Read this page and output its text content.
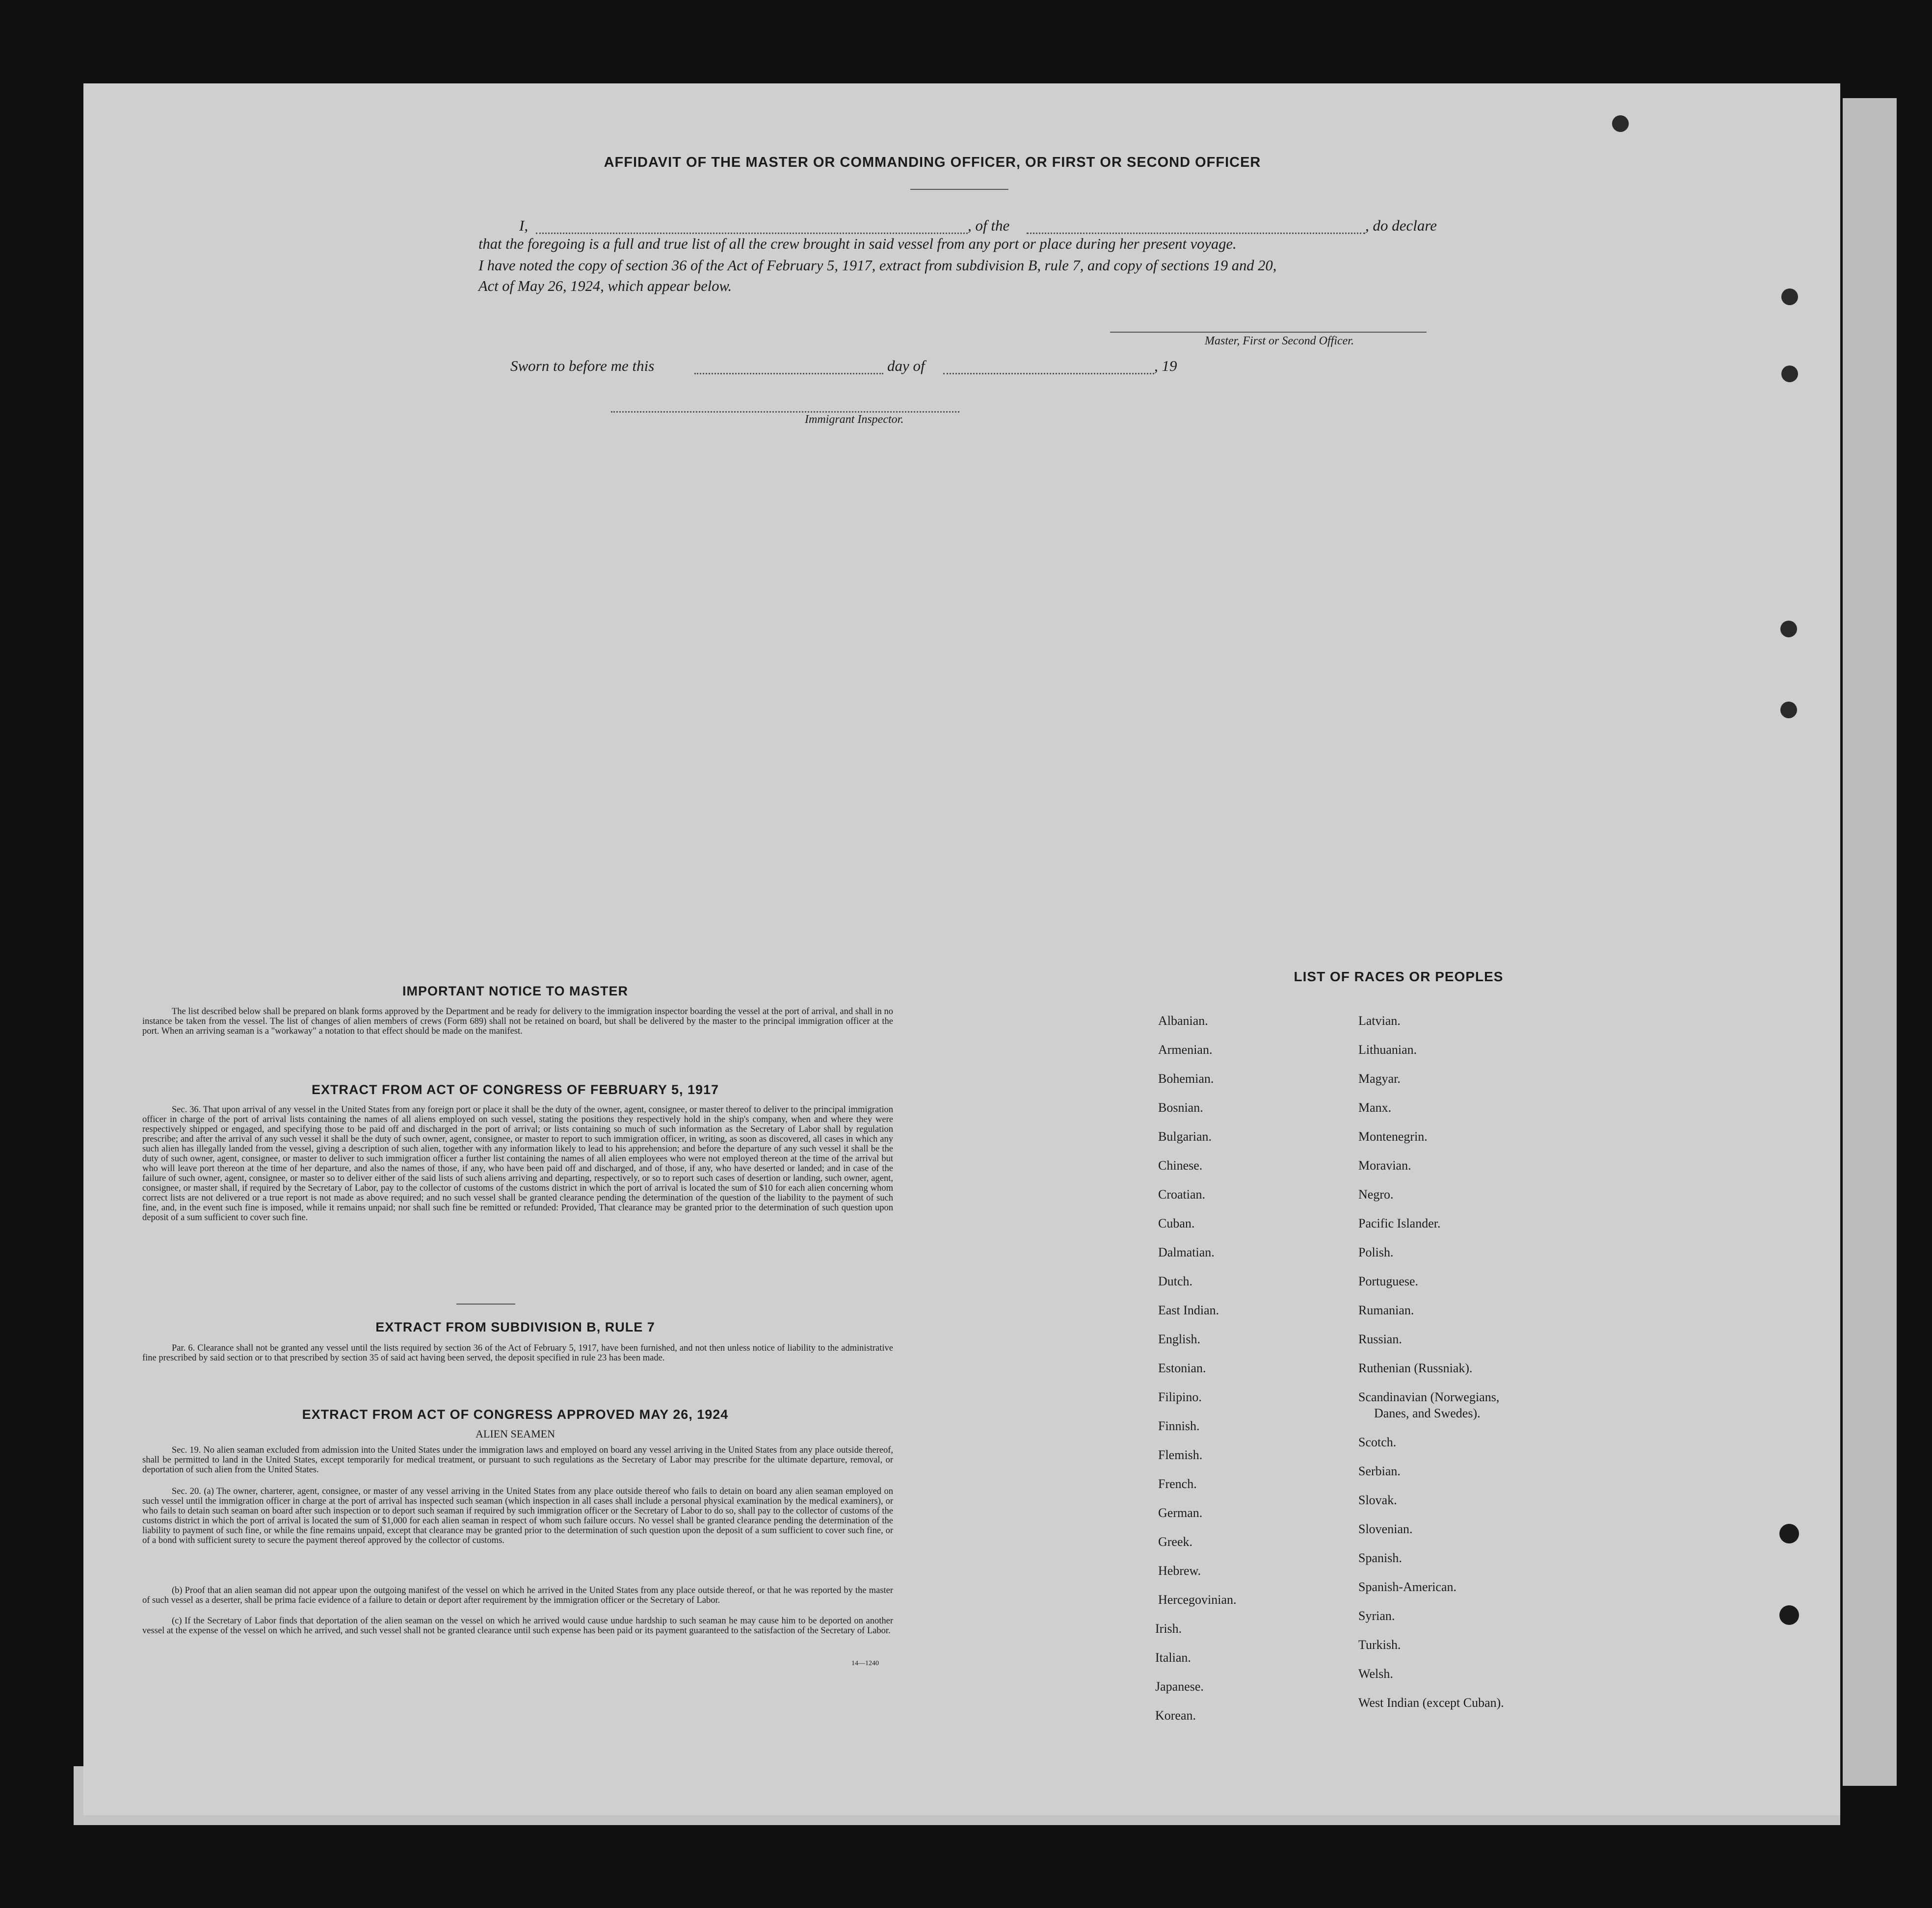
AFFIDAVIT OF THE MASTER OR COMMANDING OFFICER, OR FIRST OR SECOND OFFICER
I,	, of the	, do declare
that the foregoing is a full and true list of all the crew brought in said vessel from any port or place during her present voyage.
I have noted the copy of section 36 of the Act of February 5, 1917, extract from subdivision B, rule 7, and copy of sections 19 and 20,
Act of May 26, 1924, which appear below.
Master, First or Second Officer.
Sworn to before me this	day of	, 19
Immigrant Inspector.
IMPORTANT NOTICE TO MASTER
The list described below shall be prepared on blank forms approved by the Department and be ready for delivery to the immigration inspector boarding the vessel at the port of arrival, and shall in no instance be taken from the vessel. The list of changes of alien members of crews (Form 689) shall not be retained on board, but shall be delivered by the master to the principal immigration officer at the port. When an arriving seaman is a "workaway" a notation to that effect should be made on the manifest.
EXTRACT FROM ACT OF CONGRESS OF FEBRUARY 5, 1917
Sec. 36. That upon arrival of any vessel in the United States from any foreign port or place it shall be the duty of the owner, agent, consignee, or master thereof to deliver to the principal immigration officer in charge of the port of arrival lists containing the names of all aliens employed on such vessel, stating the positions they respectively hold in the ship's company, when and where they were respectively shipped or engaged, and specifying those to be paid off and discharged in the port of arrival; or lists containing so much of such information as the Secretary of Labor shall by regulation prescribe; and after the arrival of any such vessel it shall be the duty of such owner, agent, consignee, or master to report to such immigration officer, in writing, as soon as discovered, all cases in which any such alien has illegally landed from the vessel, giving a description of such alien, together with any information likely to lead to his apprehension; and before the departure of any such vessel it shall be the duty of such owner, agent, consignee, or master to deliver to such immigration officer a further list containing the names of all alien employees who were not employed thereon at the time of the arrival but who will leave port thereon at the time of her departure, and also the names of those, if any, who have been paid off and discharged, and of those, if any, who have deserted or landed; and in case of the failure of such owner, agent, consignee, or master so to deliver either of the said lists of such aliens arriving and departing, respectively, or so to report such cases of desertion or landing, such owner, agent, consignee, or master shall, if required by the Secretary of Labor, pay to the collector of customs of the customs district in which the port of arrival is located the sum of $10 for each alien concerning whom correct lists are not delivered or a true report is not made as above required; and no such vessel shall be granted clearance pending the determination of the question of the liability to the payment of such fine, and, in the event such fine is imposed, while it remains unpaid; nor shall such fine be remitted or refunded: Provided, That clearance may be granted prior to the determination of such question upon deposit of a sum sufficient to cover such fine.
EXTRACT FROM SUBDIVISION B, RULE 7
Par. 6. Clearance shall not be granted any vessel until the lists required by section 36 of the Act of February 5, 1917, have been furnished, and not then unless notice of liability to the administrative fine prescribed by said section or to that prescribed by section 35 of said act having been served, the deposit specified in rule 23 has been made.
EXTRACT FROM ACT OF CONGRESS APPROVED MAY 26, 1924
ALIEN SEAMEN
Sec. 19. No alien seaman excluded from admission into the United States under the immigration laws and employed on board any vessel arriving in the United States from any place outside thereof, shall be permitted to land in the United States, except temporarily for medical treatment, or pursuant to such regulations as the Secretary of Labor may prescribe for the ultimate departure, removal, or deportation of such alien from the United States.
Sec. 20. (a) The owner, charterer, agent, consignee, or master of any vessel arriving in the United States from any place outside thereof who fails to detain on board any alien seaman employed on such vessel until the immigration officer in charge at the port of arrival has inspected such seaman (which inspection in all cases shall include a personal physical examination by the medical examiners), or who fails to detain such seaman on board after such inspection or to deport such seaman if required by such immigration officer or the Secretary of Labor to do so, shall pay to the collector of customs of the customs district in which the port of arrival is located the sum of $1,000 for each alien seaman in respect of whom such failure occurs. No vessel shall be granted clearance pending the determination of the liability to payment of such fine, or while the fine remains unpaid, except that clearance may be granted prior to the determination of such question upon the deposit of a sum sufficient to cover such fine, or of a bond with sufficient surety to secure the payment thereof approved by the collector of customs.
(b) Proof that an alien seaman did not appear upon the outgoing manifest of the vessel on which he arrived in the United States from any place outside thereof, or that he was reported by the master of such vessel as a deserter, shall be prima facie evidence of a failure to detain or deport after requirement by the immigration officer or the Secretary of Labor.
(c) If the Secretary of Labor finds that deportation of the alien seaman on the vessel on which he arrived would cause undue hardship to such seaman he may cause him to be deported on another vessel at the expense of the vessel on which he arrived, and such vessel shall not be granted clearance until such expense has been paid or its payment guaranteed to the satisfaction of the Secretary of Labor.
14—1240
LIST OF RACES OR PEOPLES
Albanian.
Armenian.
Bohemian.
Bosnian.
Bulgarian.
Chinese.
Croatian.
Cuban.
Dalmatian.
Dutch.
East Indian.
English.
Estonian.
Filipino.
Finnish.
Flemish.
French.
German.
Greek.
Hebrew.
Hercegovinian.
Irish.
Italian.
Japanese.
Korean.
Latvian.
Lithuanian.
Magyar.
Manx.
Montenegrin.
Moravian.
Negro.
Pacific Islander.
Polish.
Portuguese.
Rumanian.
Russian.
Ruthenian (Russniak).
Scandinavian (Norwegians,
Danes, and Swedes).
Scotch.
Serbian.
Slovak.
Slovenian.
Spanish.
Spanish-American.
Syrian.
Turkish.
Welsh.
West Indian (except Cuban).
